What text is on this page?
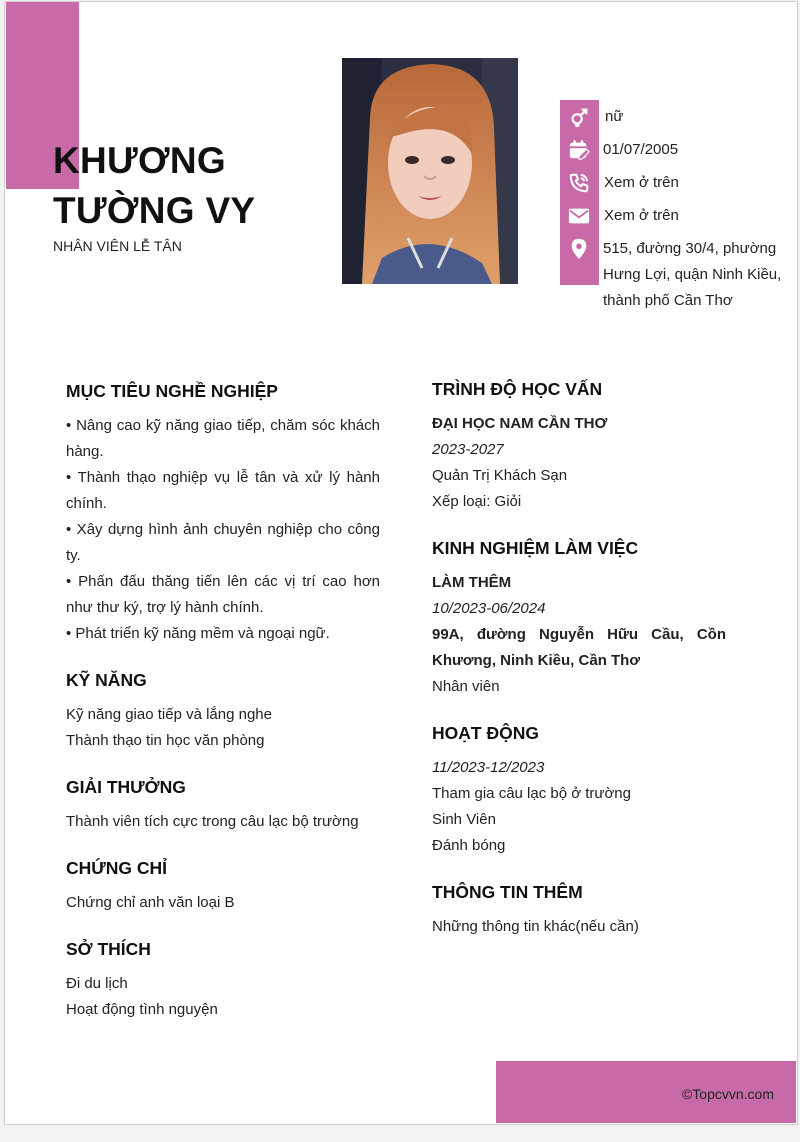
KHƯƠNG
TƯỜNG VY
NHÂN VIÊN LỄ TÂN
nữ
01/07/2005
Xem ở trên
Xem ở trên
515, đường 30/4, phường Hưng Lợi, quận Ninh Kiều, thành phố Cần Thơ
MỤC TIÊU NGHỀ NGHIỆP

• Nâng cao kỹ năng giao tiếp, chăm sóc khách hàng.

• Thành thạo nghiệp vụ lễ tân và xử lý hành chính.

• Xây dựng hình ảnh chuyên nghiệp cho công ty.

• Phấn đấu thăng tiến lên các vị trí cao hơn như thư ký, trợ lý hành chính.

• Phát triển kỹ năng mềm và ngoại ngữ.

KỸ NĂNG

Kỹ năng giao tiếp và lắng nghe

Thành thạo tin học văn phòng

GIẢI THƯỞNG

Thành viên tích cực trong câu lạc bộ trường

CHỨNG CHỈ

Chứng chỉ anh văn loại B

SỞ THÍCH

Đi du lịch

Hoạt động tình nguyện

TRÌNH ĐỘ HỌC VẤN

ĐẠI HỌC NAM CẦN THƠ

2023-2027

Quản Trị Khách Sạn

Xếp loại: Giỏi

KINH NGHIỆM LÀM VIỆC

LÀM THÊM

10/2023-06/2024

99A, đường Nguyễn Hữu Cầu, Cồn Khương, Ninh Kiều, Cần Thơ

Nhân viên

HOẠT ĐỘNG

11/2023-12/2023

Tham gia câu lạc bộ ở trường

Sinh Viên

Đánh bóng

THÔNG TIN THÊM

Những thông tin khác(nếu cần)

©Topcvvn.com
